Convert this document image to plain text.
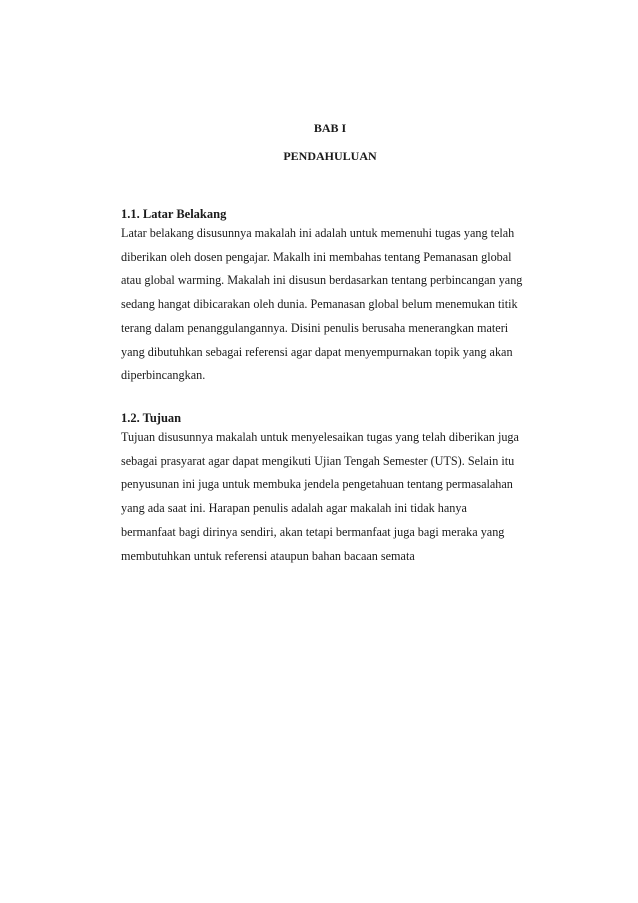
BAB I
PENDAHULUAN
1.1. Latar Belakang

Latar belakang disusunnya makalah ini adalah untuk memenuhi tugas yang telah
diberikan oleh dosen pengajar. Makalh ini membahas tentang Pemanasan global
atau global warming. Makalah ini disusun berdasarkan tentang perbincangan yang
sedang hangat dibicarakan oleh dunia. Pemanasan global belum menemukan titik
terang dalam penanggulangannya. Disini penulis berusaha menerangkan materi
yang dibutuhkan sebagai referensi agar dapat menyempurnakan topik yang akan
diperbincangkan.

1.2. Tujuan

Tujuan disusunnya makalah untuk menyelesaikan tugas yang telah diberikan juga
sebagai prasyarat agar dapat mengikuti Ujian Tengah Semester (UTS). Selain itu
penyusunan ini juga untuk membuka jendela pengetahuan tentang permasalahan
yang ada saat ini. Harapan penulis adalah agar makalah ini tidak hanya
bermanfaat bagi dirinya sendiri, akan tetapi bermanfaat juga bagi meraka yang
membutuhkan untuk referensi ataupun bahan bacaan semata
